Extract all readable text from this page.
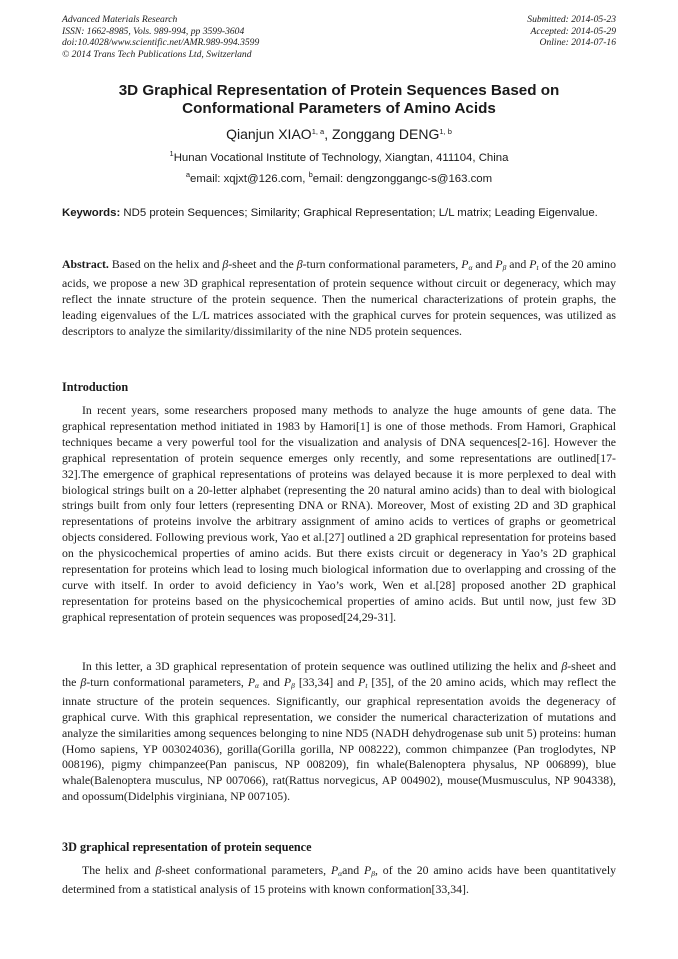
Advanced Materials Research
ISSN: 1662-8985, Vols. 989-994, pp 3599-3604
doi:10.4028/www.scientific.net/AMR.989-994.3599
© 2014 Trans Tech Publications Ltd, Switzerland
Submitted: 2014-05-23
Accepted: 2014-05-29
Online: 2014-07-16
3D Graphical Representation of Protein Sequences Based on
Conformational Parameters of Amino Acids
Qianjun XIAO$^{1, a}$, Zonggang DENG$^{1, b}$
$^1$Hunan Vocational Institute of Technology, Xiangtan, 411104, China
$^a$email: xqjxt@126.com, $^b$email: dengzonggangc-s@163.com

Keywords: ND5 protein Sequences; Similarity; Graphical Representation; L/L matrix; Leading Eigenvalue.

Abstract. Based on the helix and β-sheet and the β-turn conformational parameters, $P_\alpha$ and $P_\beta$ and $P_t$ of the 20 amino acids, we propose a new 3D graphical representation of protein sequence without circuit or degeneracy, which may reflect the innate structure of the protein sequence. Then the numerical characterizations of protein graphs, the leading eigenvalues of the L/L matrices associated with the graphical curves for protein sequences, was utilized as descriptors to analyze the similarity/dissimilarity of the nine ND5 protein sequences.

Introduction

In recent years, some researchers proposed many methods to analyze the huge amounts of gene data. The graphical representation method initiated in 1983 by Hamori[1] is one of those methods. From Hamori, Graphical techniques became a very powerful tool for the visualization and analysis of DNA sequences[2-16]. However the graphical representation of protein sequence emerges only recently, and some representations are outlined[17-32].The emergence of graphical representations of proteins was delayed because it is more perplexed to deal with biological strings built on a 20-letter alphabet (representing the 20 natural amino acids) than to deal with biological strings built from only four letters (representing DNA or RNA). Moreover, Most of existing 2D and 3D graphical representations of proteins involve the arbitrary assignment of amino acids to vertices of graphs or geometrical objects considered. Following previous work, Yao et al.[27] outlined a 2D graphical representation for proteins based on the physicochemical properties of amino acids. But there exists circuit or degeneracy in Yao’s 2D graphical representation for proteins which lead to losing much biological information due to overlapping and crossing of the curve with itself. In order to avoid deficiency in Yao’s work, Wen et al.[28] proposed another 2D graphical representation for proteins based on the physicochemical properties of amino acids. But until now, just few 3D graphical representation of protein sequences was proposed[24,29-31].

In this letter, a 3D graphical representation of protein sequence was outlined utilizing the helix and β-sheet and the β-turn conformational parameters, $P_\alpha$ and $P_\beta$ [33,34] and $P_t$ [35], of the 20 amino acids, which may reflect the innate structure of the protein sequences. Significantly, our graphical representation avoids the degeneracy of graphical curve. With this graphical representation, we consider the numerical characterization of mutations and analyze the similarities among sequences belonging to nine ND5 (NADH dehydrogenase sub unit 5) proteins: human (Homo sapiens, YP 003024036), gorilla(Gorilla gorilla, NP 008222), common chimpanzee (Pan troglodytes, NP 008196), pigmy chimpanzee(Pan paniscus, NP 008209), fin whale(Balenoptera physalus, NP 006899), blue whale(Balenoptera musculus, NP 007066), rat(Rattus norvegicus, AP 004902), mouse(Musmusculus, NP 904338), and opossum(Didelphis virginiana, NP 007105).

3D graphical representation of protein sequence

The helix and β-sheet conformational parameters, $P_\alpha and$ $P_\beta$, of the 20 amino acids have been quantitatively determined from a statistical analysis of 15 proteins with known conformation[33,34].
